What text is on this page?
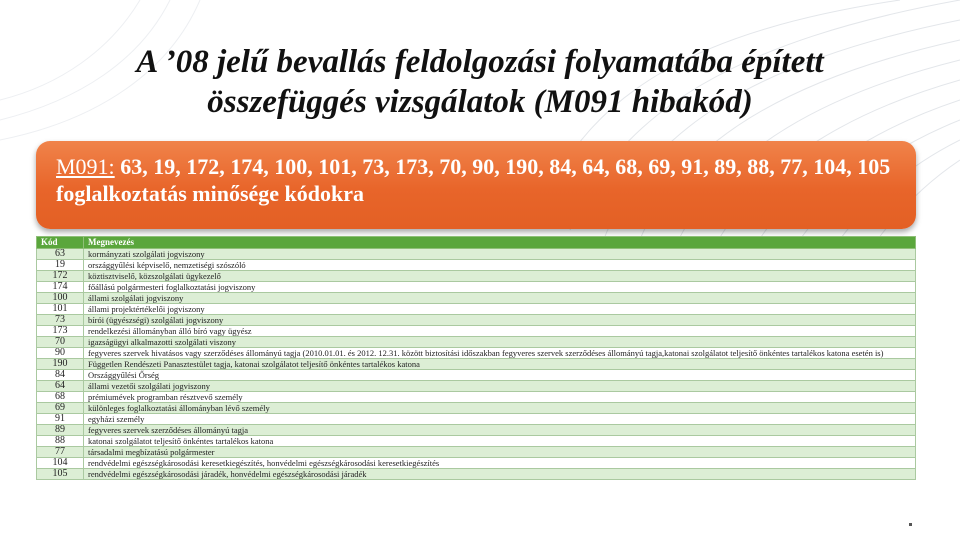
A ’08 jelű bevallás feldolgozási folyamatába épített
összefüggés vizsgálatok (M091 hibakód)
M091: 63, 19, 172, 174, 100, 101, 73, 173, 70, 90, 190, 84, 64, 68, 69, 91, 89, 88, 77, 104, 105 foglalkoztatás minősége kódokra
Kód	Megnevezés
63	kormányzati szolgálati jogviszony
19	országgyűlési képviselő, nemzetiségi szószóló
172	köztisztviselő, közszolgálati ügykezelő
174	főállású polgármesteri foglalkoztatási jogviszony
100	állami szolgálati jogviszony
101	állami projektértékelői jogviszony
73	bírói (ügyészségi) szolgálati jogviszony
173	rendelkezési állományban álló bíró vagy ügyész
70	igazságügyi alkalmazotti szolgálati viszony
90	fegyveres szervek hivatásos vagy szerződéses állományú tagja (2010.01.01. és 2012. 12.31. között biztosítási időszakban fegyveres szervek szerződéses állományú tagja,katonai szolgálatot teljesítő önkéntes tartalékos katona esetén is)
190	Független Rendészeti Panasztestület tagja, katonai szolgálatot teljesítő önkéntes tartalékos katona
84	Országgyűlési Őrség
64	állami vezetői szolgálati jogviszony
68	prémiumévek programban résztvevő személy
69	különleges foglalkoztatási állományban lévő személy
91	egyházi személy
89	fegyveres szervek szerződéses állományú tagja
88	katonai szolgálatot teljesítő önkéntes tartalékos katona
77	társadalmi megbízatású polgármester
104	rendvédelmi egészségkárosodási keresetkiegészítés, honvédelmi egészségkárosodási keresetkiegészítés
105	rendvédelmi egészségkárosodási járadék, honvédelmi egészségkárosodási járadék
